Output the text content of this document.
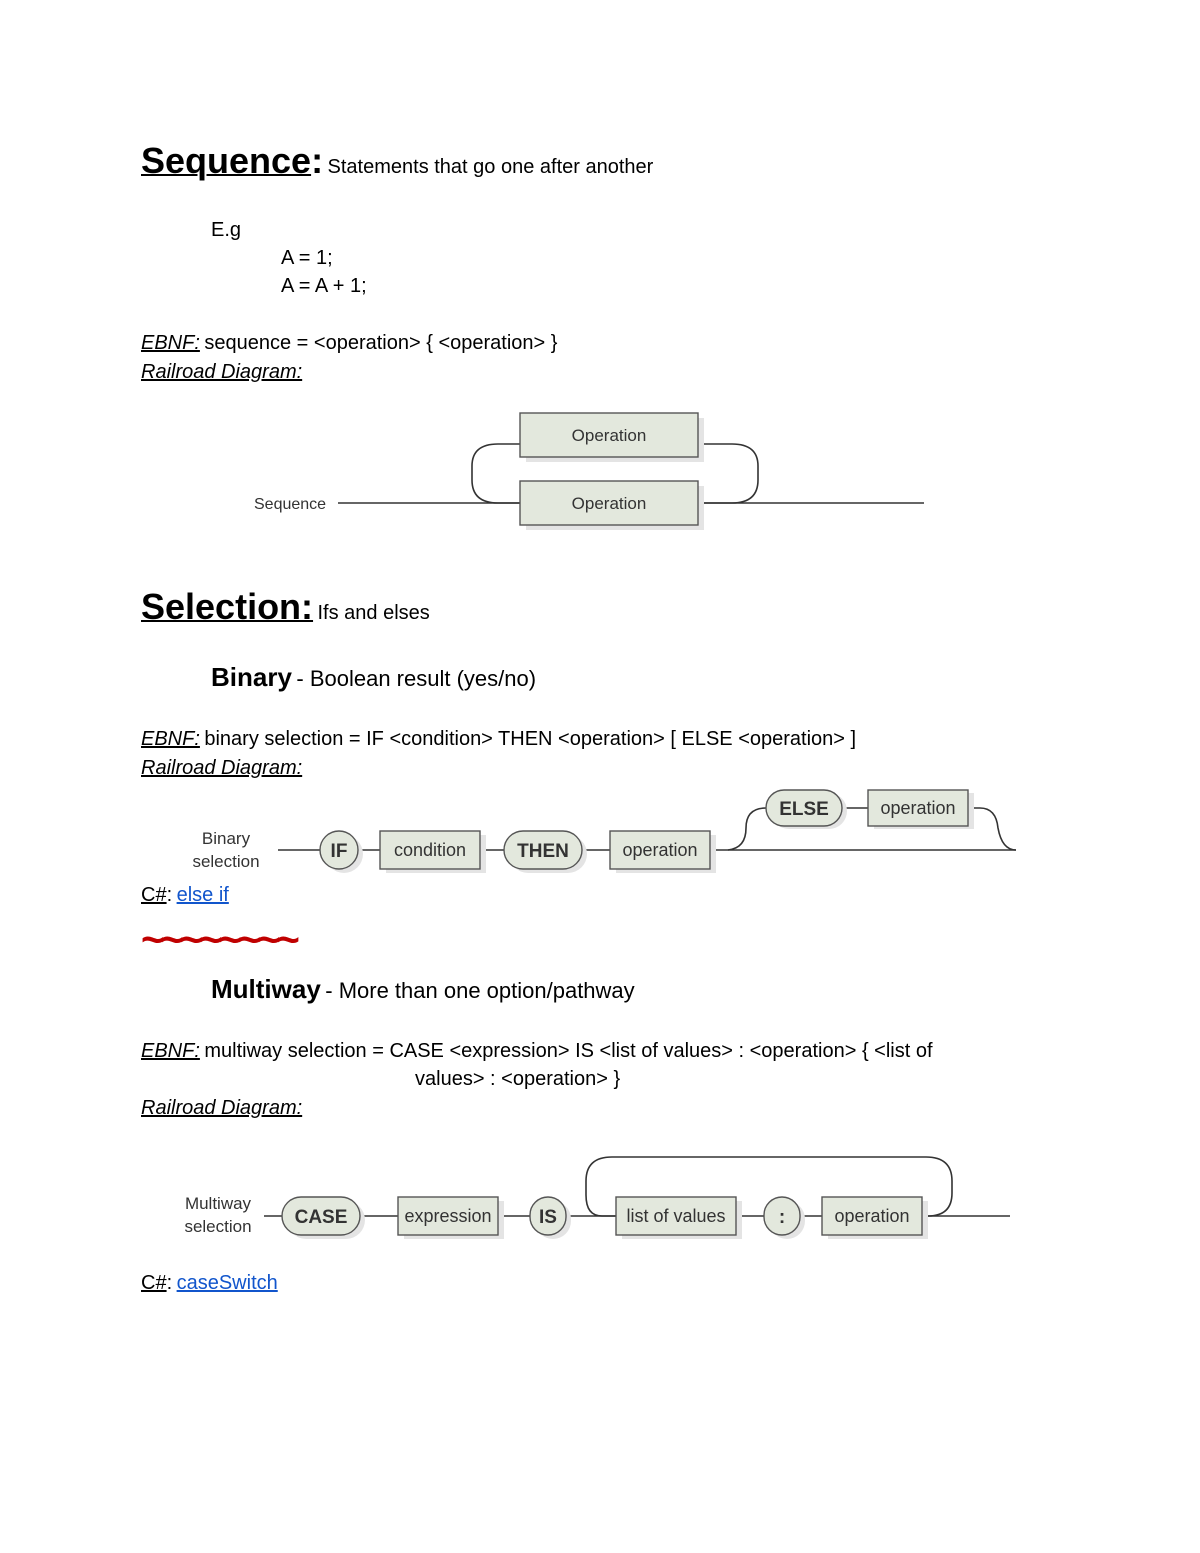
Sequence: Statements that go one after another
E.g
A = 1;
A = A + 1;
EBNF: sequence = <operation> { <operation> }
Railroad Diagram:
Operation
Operation
Sequence
Selection: Ifs and elses
Binary - Boolean result (yes/no)
EBNF: binary selection = IF <condition> THEN <operation> [ ELSE <operation> ]
Railroad Diagram:
Binary
selection	IF	condition	THEN	operation
ELSE	operation
C#: else if
~~~~~~~~
Multiway - More than one option/pathway
EBNF: multiway selection = CASE <expression> IS <list of values> : <operation> { <list of
values> : <operation> }
Railroad Diagram:
Multiway
selection CASE	expression	IS	list of values	:	operation
C#: caseSwitch
